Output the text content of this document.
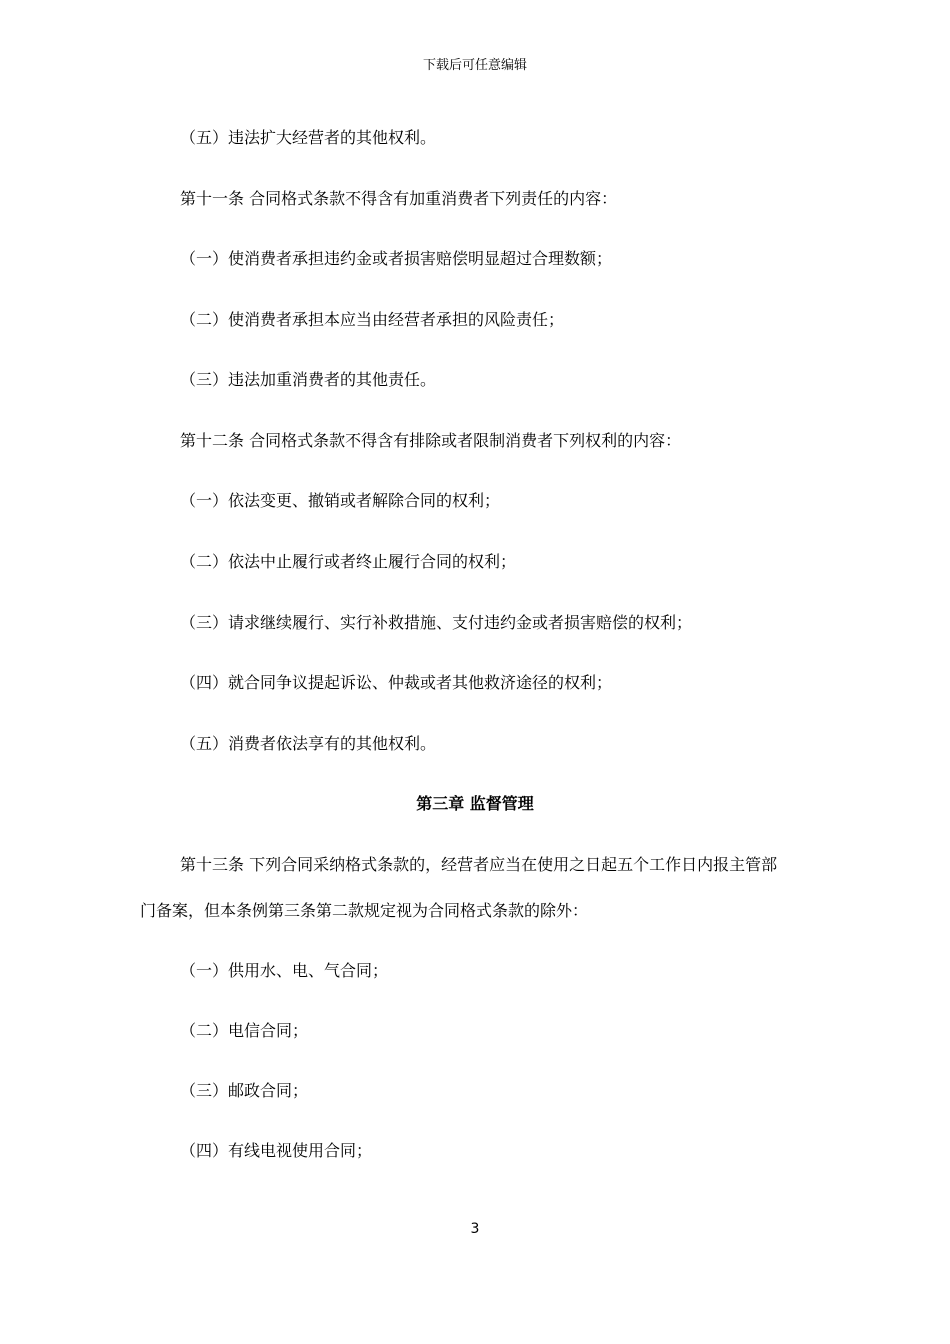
下载后可任意编辑
（五）违法扩大经营者的其他权利。
第十一条 合同格式条款不得含有加重消费者下列责任的内容：
（一）使消费者承担违约金或者损害赔偿明显超过合理数额；
（二）使消费者承担本应当由经营者承担的风险责任；
（三）违法加重消费者的其他责任。
第十二条 合同格式条款不得含有排除或者限制消费者下列权利的内容：
（一）依法变更、撤销或者解除合同的权利；
（二）依法中止履行或者终止履行合同的权利；
（三）请求继续履行、实行补救措施、支付违约金或者损害赔偿的权利；
（四）就合同争议提起诉讼、仲裁或者其他救济途径的权利；
（五）消费者依法享有的其他权利。
第三章 监督管理
第十三条 下列合同采纳格式条款的，经营者应当在使用之日起五个工作日内报主管部
门备案，但本条例第三条第二款规定视为合同格式条款的除外：
（一）供用水、电、气合同；
（二）电信合同；
（三）邮政合同；
（四）有线电视使用合同；
3
